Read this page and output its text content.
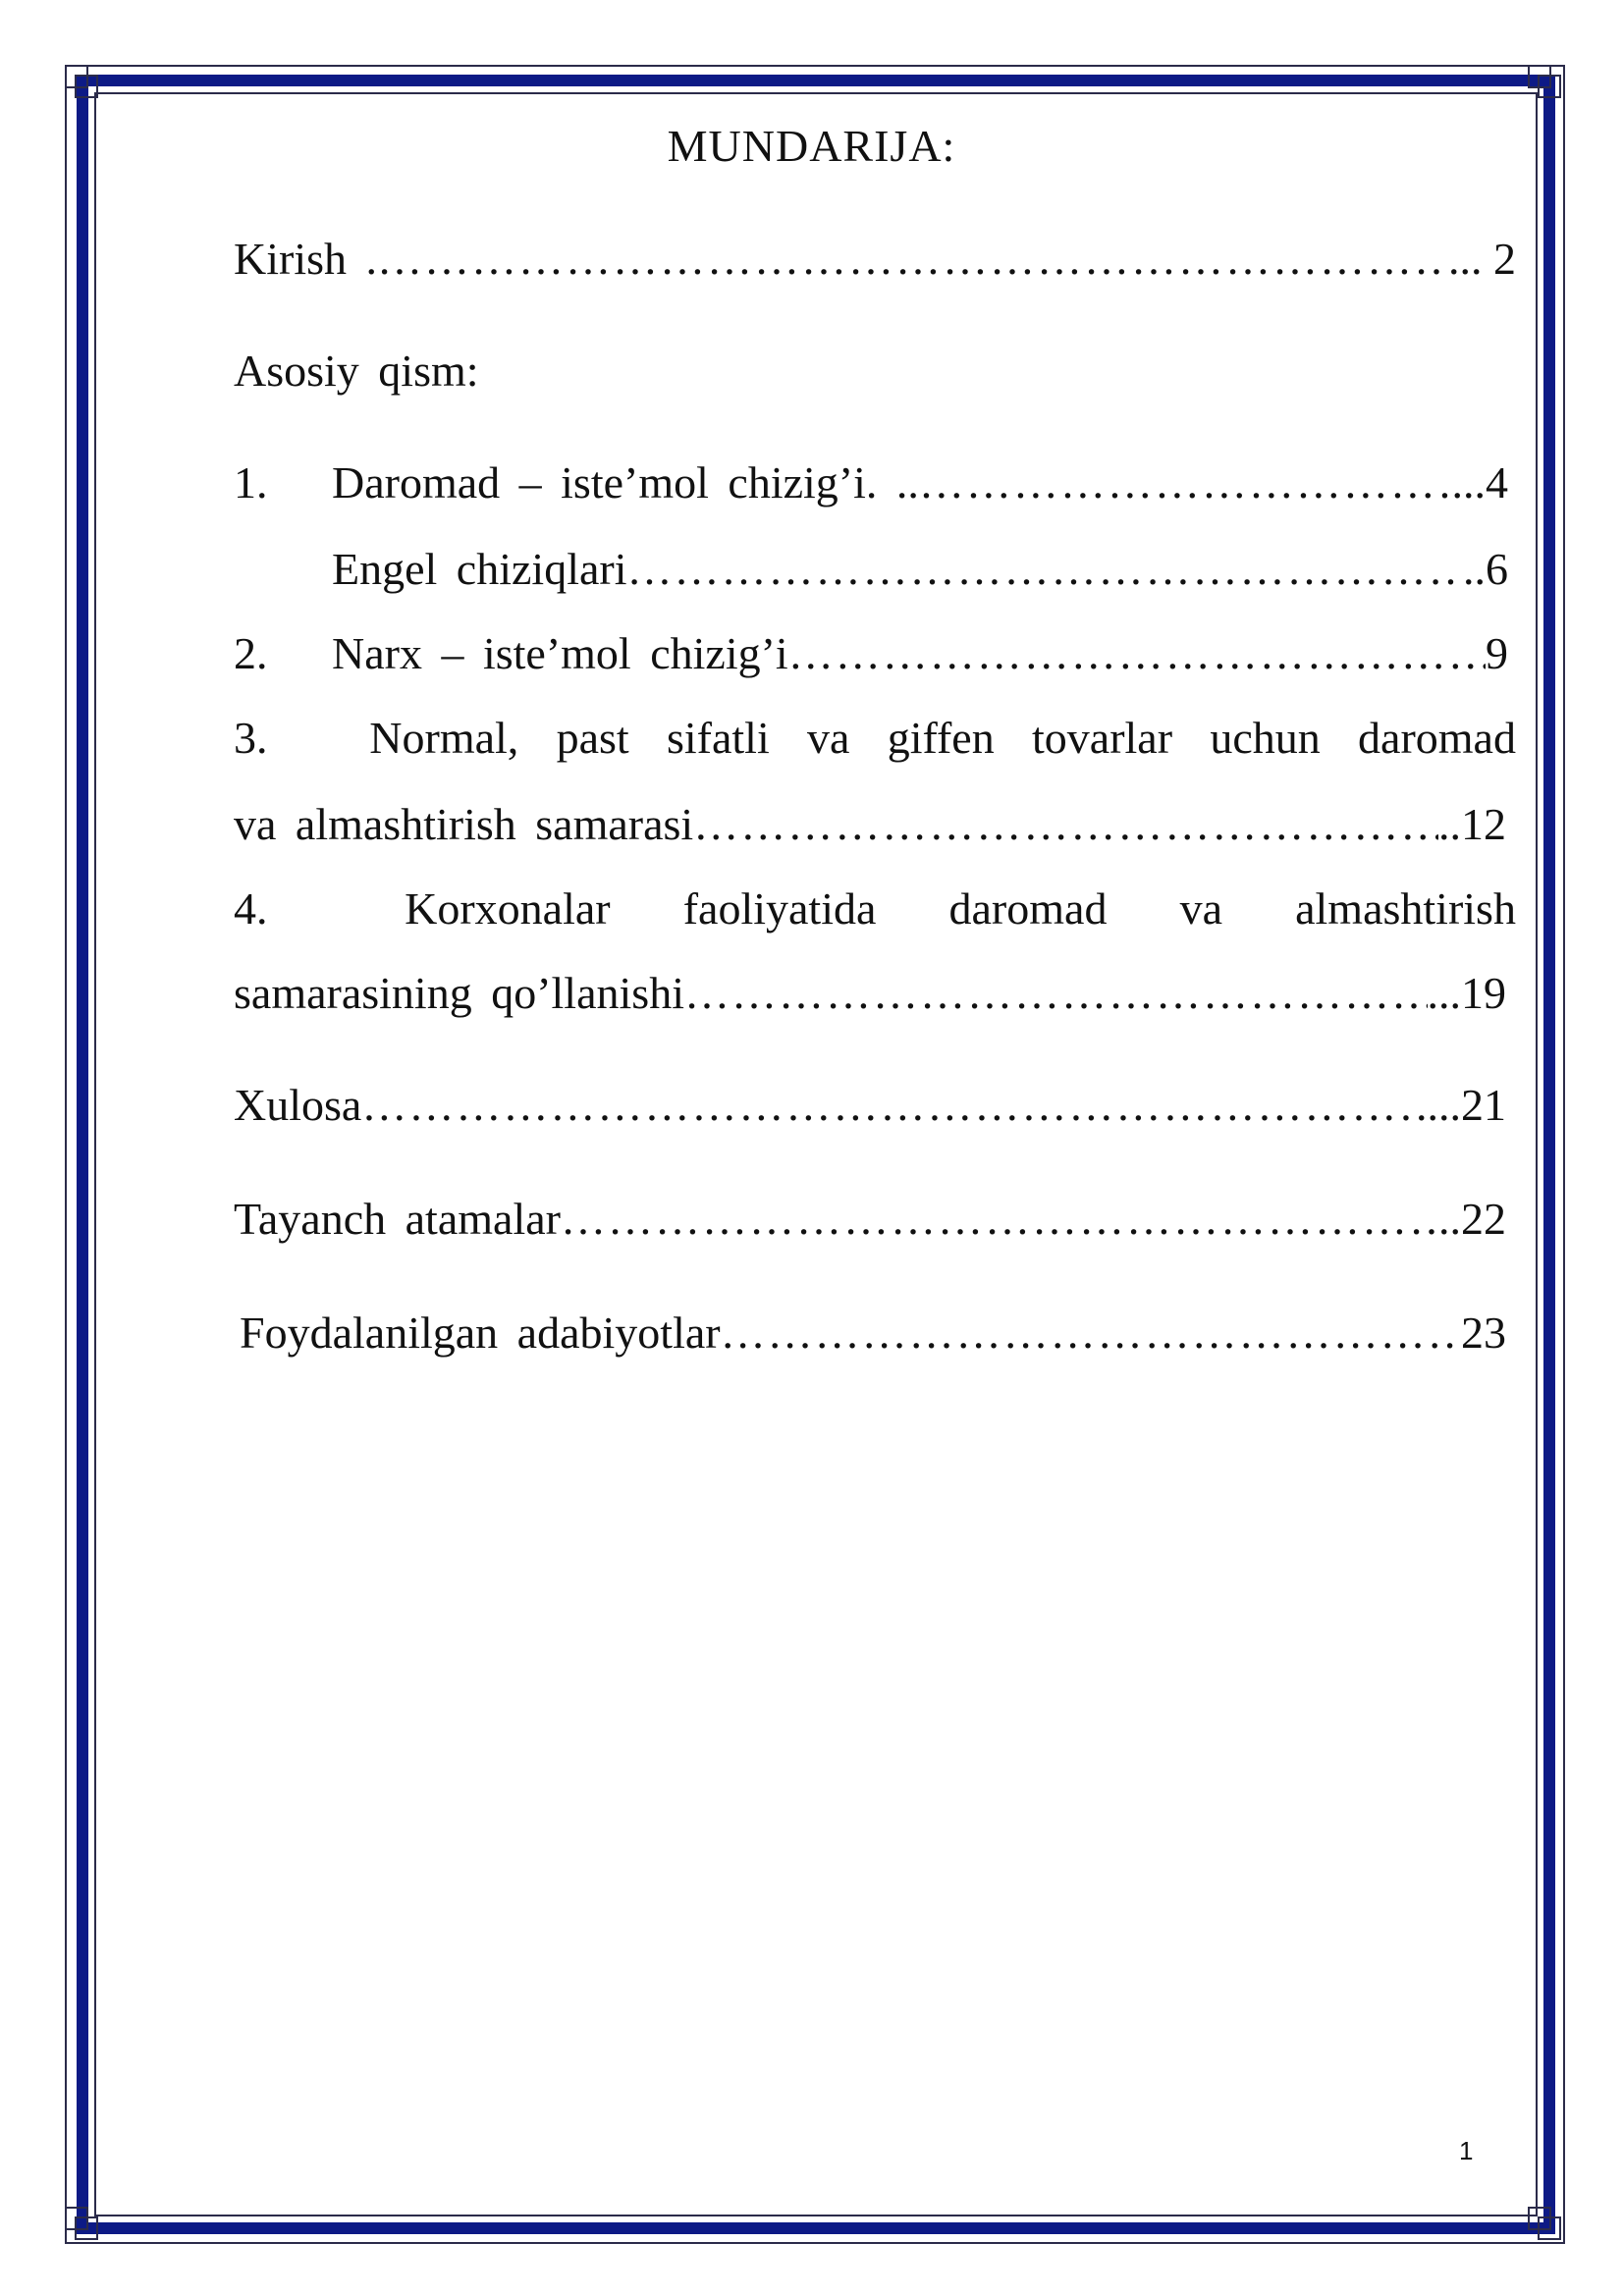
MUNDARIJA:
Kirish . ……………………………………………………………………………………………………………………………………………………	... 2
Asosiy qism:
1.	Daromad – iste’mol chizig’i. .. ……………………………………………………………………………………………………………………………………………………	...4
Engel chiziqlari ……………………………………………………………………………………………………………………………………………………	..6
2.	Narx – iste’mol chizig’i ……………………………………………………………………………………………………………………………………………………	9
3.	Normal, past sifatli va giffen tovarlar uchun daromad
va almashtirish samarasi ……………………………………………………………………………………………………………………………………………………	..12
4.	Korxonalar faoliyatida daromad va almashtirish
samarasining qo’llanishi ……………………………………………………………………………………………………………………………………………………	...19
Xulosa ……………………………………………………………………………………………………………………………………………………	....21
Tayanch atamalar ……………………………………………………………………………………………………………………………………………………	..22
Foydalanilgan adabiyotlar ……………………………………………………………………………………………………………………………………………………	23
1
